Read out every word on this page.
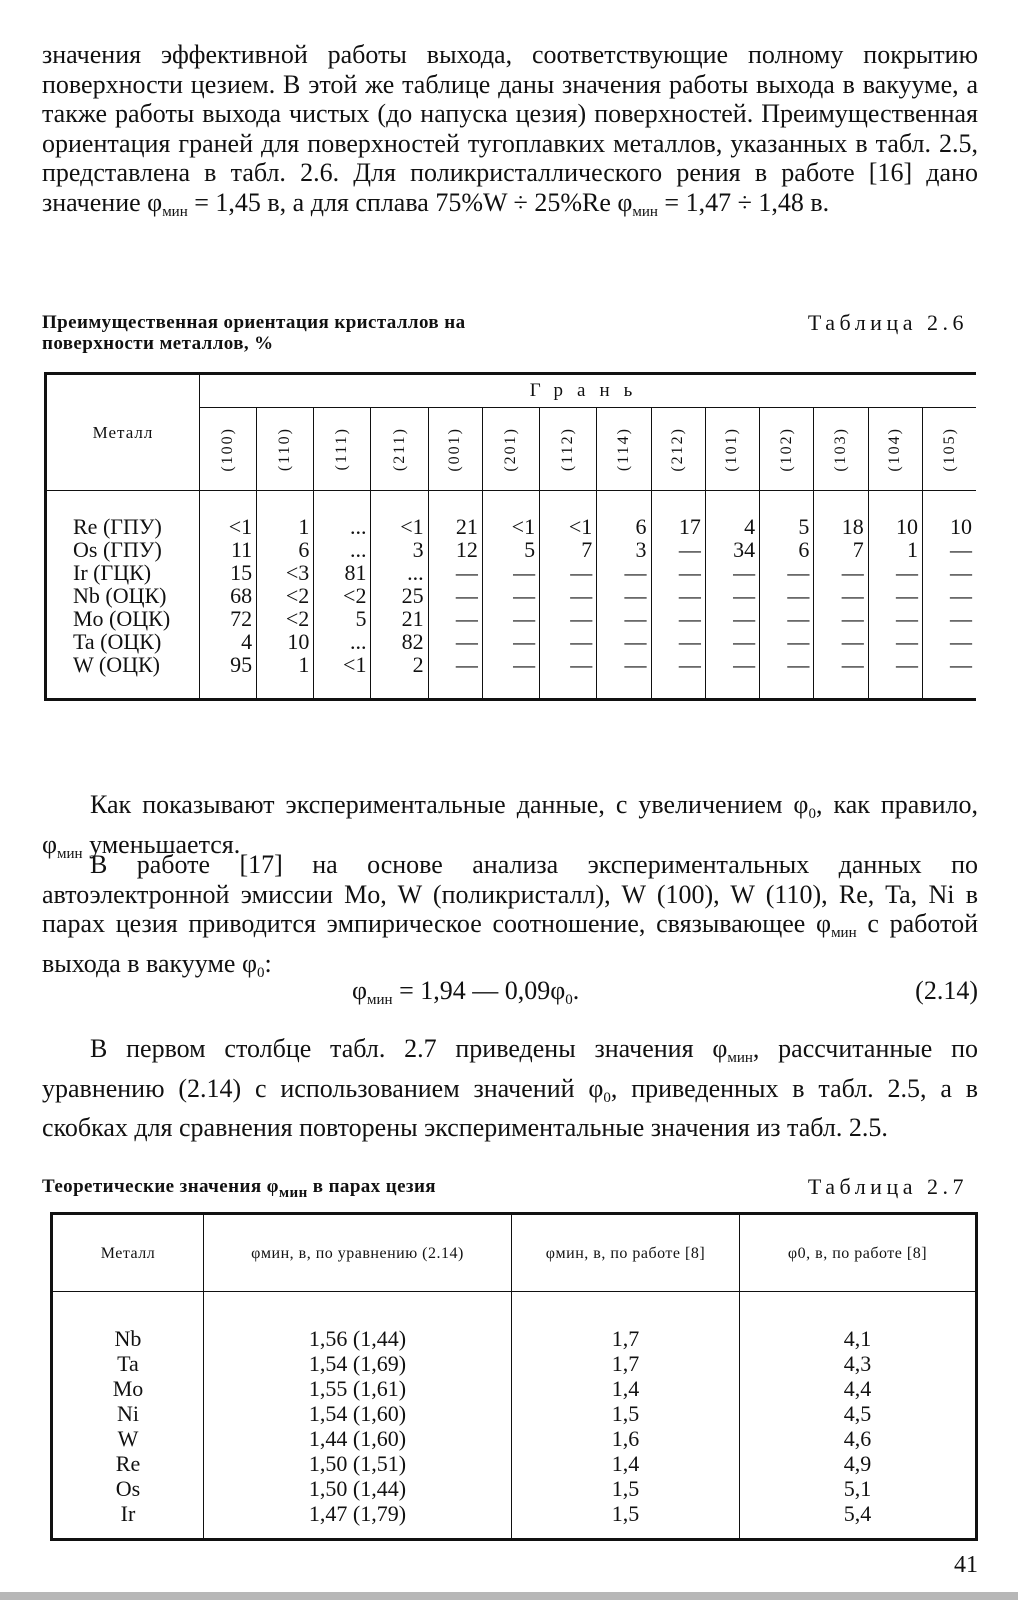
значения эффективной работы выхода, соответствующие полному покрытию поверхности цезием. В этой же таблице даны значения работы выхода в вакууме, а также работы выхода чистых (до напуска цезия) поверхностей. Преимущественная ориентация граней для поверхностей тугоплавких металлов, указанных в табл. 2.5, представлена в табл. 2.6. Для поликристаллического рения в работе [16] дано значение $\varphi_{мин} = 1,45$ в, а для сплава 75%W ÷ 25%Re $\varphi_{мин} = 1,47 \div 1,48$ в.

Преимущественная ориентация кристаллов на
поверхности металлов, %
Таблица 2.6
Металл	Грань													

	(100)	(110)	(111)	(211)	(001)	(201)	(112)	(114)	(212)	(101)	(102)	(103)	(104)	(105)

Re (ГПУ)	<1	1	...	<1	21	<1	<1	6	17	4	5	18	10	10
Os (ГПУ)	11	6	...	3	12	5	7	3	—	34	6	7	1	—
Ir (ГЦК)	15	<3	81	...	—	—	—	—	—	—	—	—	—	—
Nb (ОЦК)	68	<2	<2	25	—	—	—	—	—	—	—	—	—	—
Mo (ОЦК)	72	<2	5	21	—	—	—	—	—	—	—	—	—	—
Ta (ОЦК)	4	10	...	82	—	—	—	—	—	—	—	—	—	—
W (ОЦК)	95	1	<1	2	—	—	—	—	—	—	—	—	—	—

Как показывают экспериментальные данные, с увеличением $\varphi_0$, как правило, $\varphi_{мин}$ уменьшается.

В работе [17] на основе анализа экспериментальных данных по автоэлектронной эмиссии Mo, W (поликристалл), W (100), W (110), Re, Ta, Ni в парах цезия приводится эмпирическое соотношение, связывающее $\varphi_{мин}$ с работой выхода в вакууме $\varphi_0$:

$\varphi_{мин} = 1,94$ — $0,09\varphi_0$.	(2.14)

В первом столбце табл. 2.7 приведены значения $\varphi_{мин}$, рассчитанные по уравнению (2.14) с использованием значений $\varphi_0$, приведенных в табл. 2.5, а в скобках для сравнения повторены экспериментальные значения из табл. 2.5.

Теоретические значения $\varphi_{мин}$ в парах цезия	Таблица 2.7
Металл	φмин, в, по уравнению (2.14)	φмин, в, по работе [8]	φ0, в, по работе [8]
Nb	1,56 (1,44)	1,7	4,1
Ta	1,54 (1,69)	1,7	4,3
Mo	1,55 (1,61)	1,4	4,4
Ni	1,54 (1,60)	1,5	4,5
W	1,44 (1,60)	1,6	4,6
Re	1,50 (1,51)	1,4	4,9
Os	1,50 (1,44)	1,5	5,1
Ir	1,47 (1,79)	1,5	5,4
41
